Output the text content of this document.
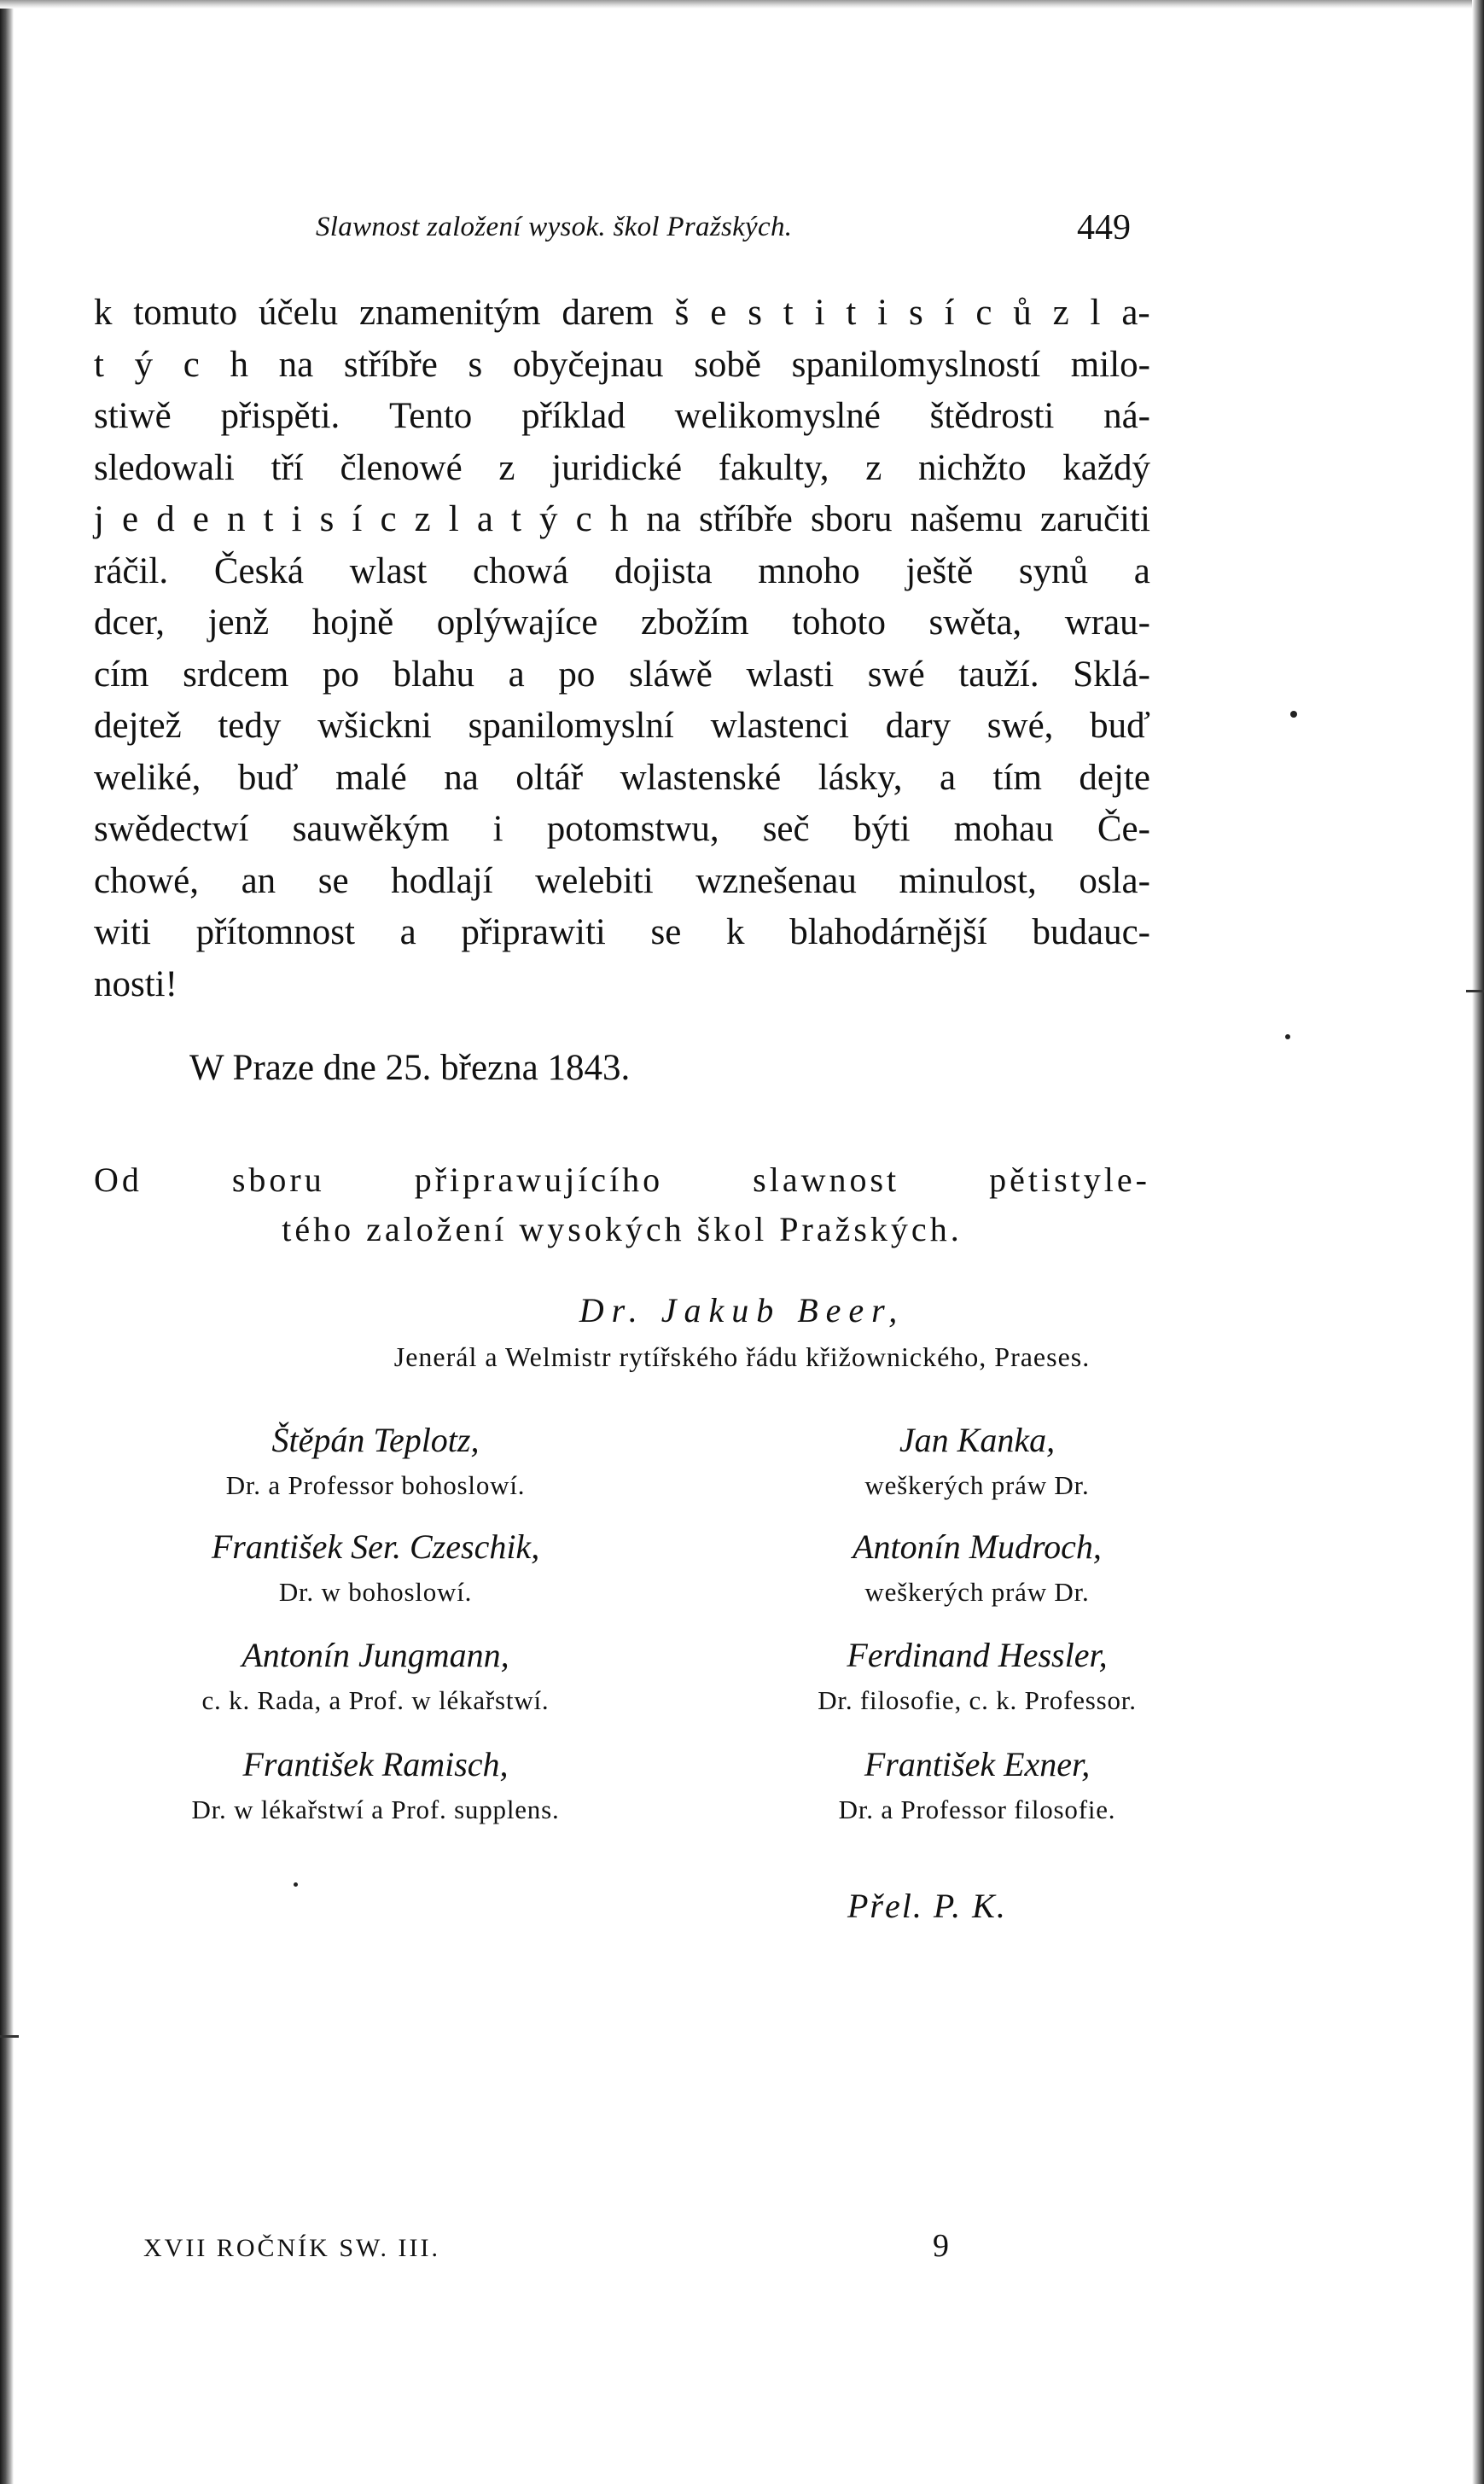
Slawnost založení wysok. škol Pražských.	449
k tomuto účelu znamenitým darem š e s t i t i s í c ů z l a-
t ý c h na stříbře s obyčejnau sobě spanilomyslností milo-
stiwě přispěti. Tento příklad welikomyslné štědrosti ná-
sledowali tří členowé z juridické fakulty, z nichžto každý
j e d e n t i s í c z l a t ý c h na stříbře sboru našemu zaručiti
ráčil. Česká wlast chowá dojista mnoho ještě synů a
dcer, jenž hojně oplýwajíce zbožím tohoto swěta, wrau-
cím srdcem po blahu a po sláwě wlasti swé tauží. Sklá-
dejtež tedy wšickni spanilomyslní wlastenci dary swé, buď
weliké, buď malé na oltář wlastenské lásky, a tím dejte
swědectwí sauwěkým i potomstwu, seč býti mohau Če-
chowé, an se hodlají welebiti wznešenau minulost, osla-
witi přítomnost a připrawiti se k blahodárnější budauc-
nosti!
W Praze dne 25. března 1843.
Od	sboru	připrawujícího	slawnost	pětistyle-
tého založení wysokých škol Pražských.
Dr. Jakub Beer,
Jenerál a Welmistr rytířského řádu křižownického, Praeses.
Štěpán Teplotz,
Dr. a Professor bohoslowí.
František Ser. Czeschik,
Dr. w bohoslowí.
Antonín Jungmann,
c. k. Rada, a Prof. w lékařstwí.
František Ramisch,
Dr. w lékařstwí a Prof. supplens.
Jan Kanka,
weškerých práw Dr.
Antonín Mudroch,
weškerých práw Dr.
Ferdinand Hessler,
Dr. filosofie, c. k. Professor.
František Exner,
Dr. a Professor filosofie.
Přel. P. K.
XVII ROČNÍK SW. III.	9
